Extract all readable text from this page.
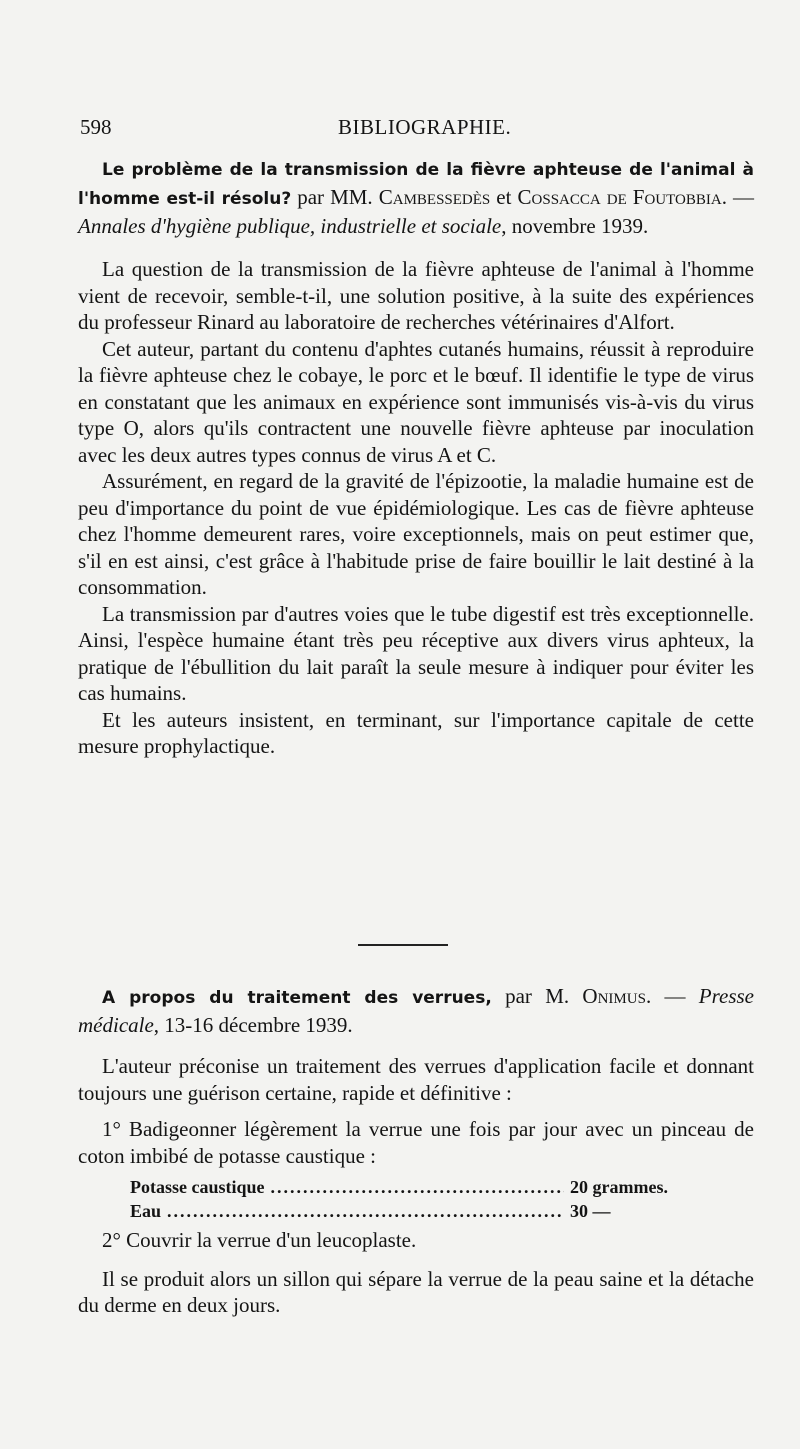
598	BIBLIOGRAPHIE.

Le problème de la transmission de la fièvre aphteuse de l'animal à l'homme est-il résolu? par MM. Cambessedès et Cossacca de Foutobbia. — Annales d'hygiène publique, industrielle et sociale, novembre 1939.

La question de la transmission de la fièvre aphteuse de l'animal à l'homme vient de recevoir, semble-t-il, une solution positive, à la suite des expériences du professeur Rinard au laboratoire de recherches vétérinaires d'Alfort.

Cet auteur, partant du contenu d'aphtes cutanés humains, réussit à reproduire la fièvre aphteuse chez le cobaye, le porc et le bœuf. Il identifie le type de virus en constatant que les animaux en expérience sont immunisés vis-à-vis du virus type O, alors qu'ils contractent une nouvelle fièvre aphteuse par inoculation avec les deux autres types connus de virus A et C.

Assurément, en regard de la gravité de l'épizootie, la maladie humaine est de peu d'importance du point de vue épidémiologique. Les cas de fièvre aphteuse chez l'homme demeurent rares, voire exceptionnels, mais on peut estimer que, s'il en est ainsi, c'est grâce à l'habitude prise de faire bouillir le lait destiné à la consommation.

La transmission par d'autres voies que le tube digestif est très exceptionnelle. Ainsi, l'espèce humaine étant très peu réceptive aux divers virus aphteux, la pratique de l'ébullition du lait paraît la seule mesure à indiquer pour éviter les cas humains.

Et les auteurs insistent, en terminant, sur l'importance capitale de cette mesure prophylactique.

A propos du traitement des verrues, par M. Onimus. — Presse médicale, 13-16 décembre 1939.

L'auteur préconise un traitement des verrues d'application facile et donnant toujours une guérison certaine, rapide et définitive :

1° Badigeonner légèrement la verrue une fois par jour avec un pinceau de coton imbibé de potasse caustique :

Potasse caustique .....	20 grammes.
Eau .....	30 —

2° Couvrir la verrue d'un leucoplaste.

Il se produit alors un sillon qui sépare la verrue de la peau saine et la détache du derme en deux jours.
